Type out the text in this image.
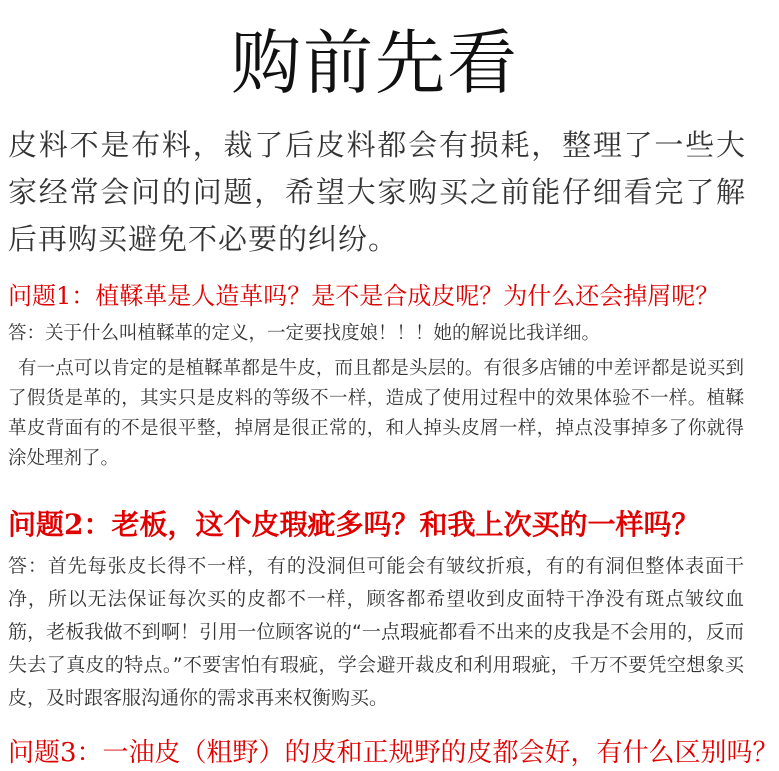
购前先看
皮料不是布料，裁了后皮料都会有损耗，整理了一些大家经常会问的问题，希望大家购买之前能仔细看完了解后再购买避免不必要的纠纷。
问题1：植鞣革是人造革吗？是不是合成皮呢？为什么还会掉屑呢？
答：关于什么叫植鞣革的定义，一定要找度娘！！！她的解说比我详细。
有一点可以肯定的是植鞣革都是牛皮，而且都是头层的。有很多店铺的中差评都是说买到了假货是革的，其实只是皮料的等级不一样，造成了使用过程中的效果体验不一样。植鞣革皮背面有的不是很平整，掉屑是很正常的，和人掉头皮屑一样，掉点没事掉多了你就得涂处理剂了。
问题2：老板，这个皮瑕疵多吗？和我上次买的一样吗？
答：首先每张皮长得不一样，有的没洞但可能会有皱纹折痕，有的有洞但整体表面干净，所以无法保证每次买的皮都不一样，顾客都希望收到皮面特干净没有斑点皱纹血筋，老板我做不到啊！引用一位顾客说的“一点瑕疵都看不出来的皮我是不会用的，反而失去了真皮的特点。”不要害怕有瑕疵，学会避开裁皮和利用瑕疵，千万不要凭空想象买皮，及时跟客服沟通你的需求再来权衡购买。
问题3：一油皮（粗野）的皮和正规野的皮都会好，有什么区别吗？
